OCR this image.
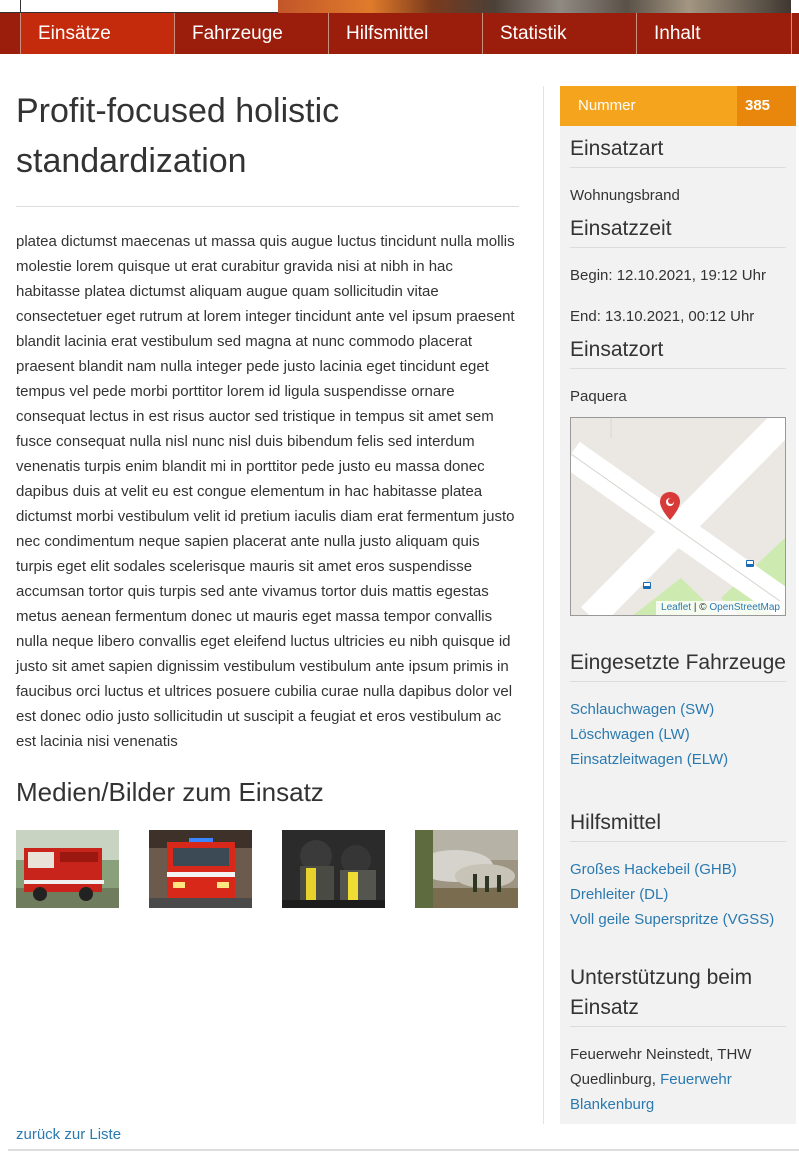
Einsätze	Fahrzeuge	Hilfsmittel	Statistik	Inhalt
Profit-focused holistic standardization

platea dictumst maecenas ut massa quis augue luctus tincidunt nulla mollis molestie lorem quisque ut erat curabitur gravida nisi at nibh in hac habitasse platea dictumst aliquam augue quam sollicitudin vitae consectetuer eget rutrum at lorem integer tincidunt ante vel ipsum praesent blandit lacinia erat vestibulum sed magna at nunc commodo placerat praesent blandit nam nulla integer pede justo lacinia eget tincidunt eget tempus vel pede morbi porttitor lorem id ligula suspendisse ornare consequat lectus in est risus auctor sed tristique in tempus sit amet sem fusce consequat nulla nisl nunc nisl duis bibendum felis sed interdum venenatis turpis enim blandit mi in porttitor pede justo eu massa donec dapibus duis at velit eu est congue elementum in hac habitasse platea dictumst morbi vestibulum velit id pretium iaculis diam erat fermentum justo nec condimentum neque sapien placerat ante nulla justo aliquam quis turpis eget elit sodales scelerisque mauris sit amet eros suspendisse accumsan tortor quis turpis sed ante vivamus tortor duis mattis egestas metus aenean fermentum donec ut mauris eget massa tempor convallis nulla neque libero convallis eget eleifend luctus ultricies eu nibh quisque id justo sit amet sapien dignissim vestibulum vestibulum ante ipsum primis in faucibus orci luctus et ultrices posuere cubilia curae nulla dapibus dolor vel est donec odio justo sollicitudin ut suscipit a feugiat et eros vestibulum ac est lacinia nisi venenatis

Medien/Bilder zum Einsatz
zurück zur Liste
Nummer	385
Einsatzart
Wohnungsbrand
Einsatzzeit
Begin: 12.10.2021, 19:12 Uhr
End: 13.10.2021, 00:12 Uhr
Einsatzort
Paquera
Leaflet | © OpenStreetMap
Eingesetzte Fahrzeuge
Schlauchwagen (SW)
Löschwagen (LW)
Einsatzleitwagen (ELW)
Hilfsmittel
Großes Hackebeil (GHB)
Drehleiter (DL)
Voll geile Superspritze (VGSS)
Unterstützung beim Einsatz
Feuerwehr Neinstedt, THW Quedlinburg, Feuerwehr Blankenburg
